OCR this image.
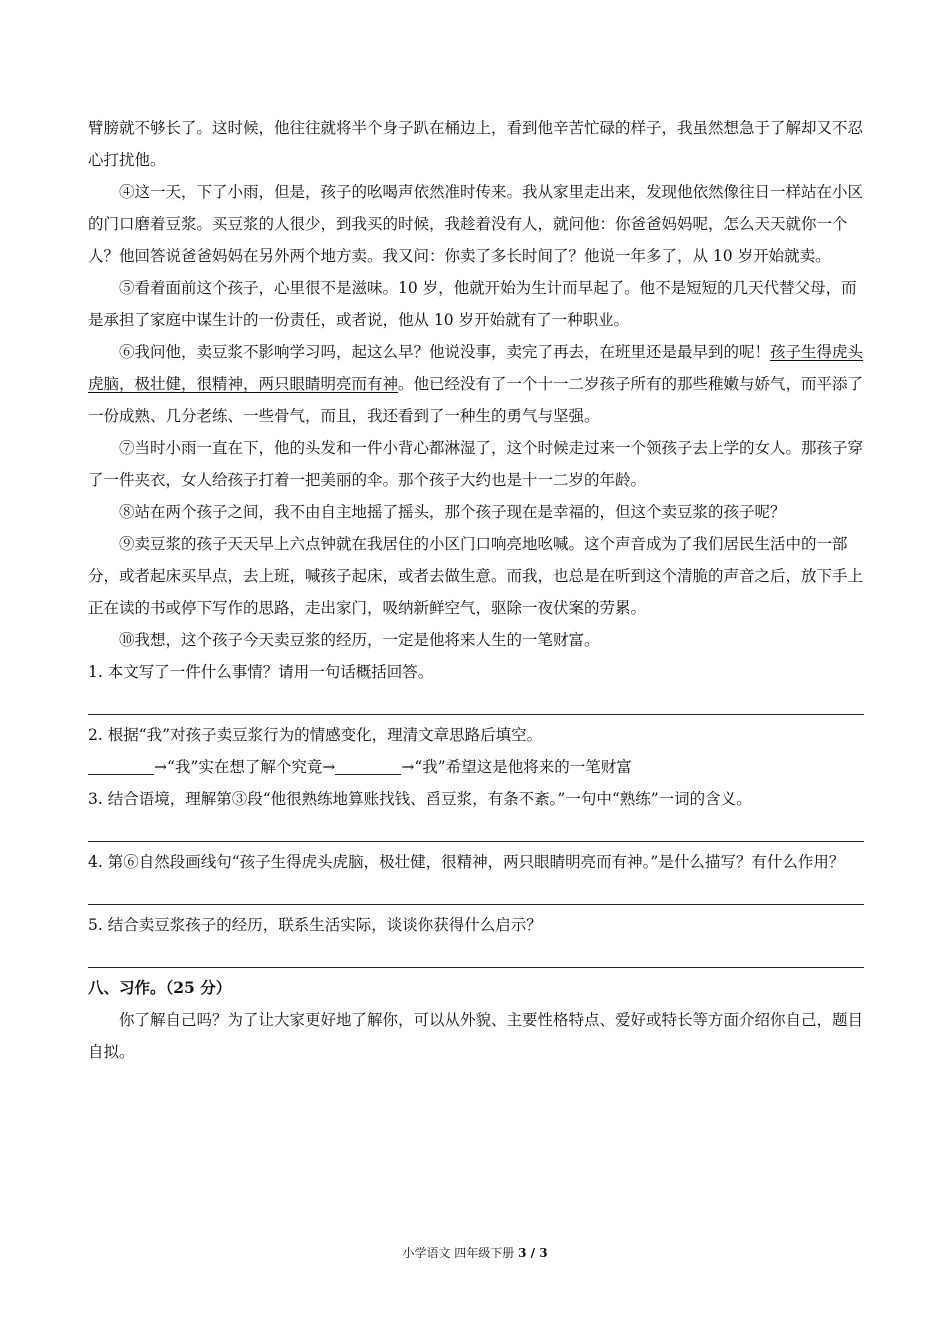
臂膀就不够长了。这时候，他往往就将半个身子趴在桶边上，看到他辛苦忙碌的样子，我虽然想急于了解却又不忍心打扰他。

④这一天，下了小雨，但是，孩子的吆喝声依然准时传来。我从家里走出来，发现他依然像往日一样站在小区的门口磨着豆浆。买豆浆的人很少，到我买的时候，我趁着没有人，就问他：你爸爸妈妈呢，怎么天天就你一个人？他回答说爸爸妈妈在另外两个地方卖。我又问：你卖了多长时间了？他说一年多了，从 10 岁开始就卖。

⑤看着面前这个孩子，心里很不是滋味。10 岁，他就开始为生计而早起了。他不是短短的几天代替父母，而是承担了家庭中谋生计的一份责任，或者说，他从 10 岁开始就有了一种职业。

⑥我问他，卖豆浆不影响学习吗，起这么早？他说没事，卖完了再去，在班里还是最早到的呢！孩子生得虎头虎脑，极壮健，很精神，两只眼睛明亮而有神。他已经没有了一个十一二岁孩子所有的那些稚嫩与娇气，而平添了一份成熟、几分老练、一些骨气，而且，我还看到了一种生的勇气与坚强。

⑦当时小雨一直在下，他的头发和一件小背心都淋湿了，这个时候走过来一个领孩子去上学的女人。那孩子穿了一件夹衣，女人给孩子打着一把美丽的伞。那个孩子大约也是十一二岁的年龄。

⑧站在两个孩子之间，我不由自主地摇了摇头，那个孩子现在是幸福的，但这个卖豆浆的孩子呢？

⑨卖豆浆的孩子天天早上六点钟就在我居住的小区门口响亮地吆喊。这个声音成为了我们居民生活中的一部分，或者起床买早点，去上班，喊孩子起床，或者去做生意。而我，也总是在听到这个清脆的声音之后，放下手上正在读的书或停下写作的思路，走出家门，吸纳新鲜空气，驱除一夜伏案的劳累。

⑩我想，这个孩子今天卖豆浆的经历，一定是他将来人生的一笔财富。

1. 本文写了一件什么事情？请用一句话概括回答。

2. 根据“我”对孩子卖豆浆行为的情感变化，理清文章思路后填空。

→“我”实在想了解个究竟→	→“我”希望这是他将来的一笔财富

3. 结合语境，理解第③段“他很熟练地算账找钱、舀豆浆，有条不紊。”一句中“熟练”一词的含义。

4. 第⑥自然段画线句“孩子生得虎头虎脑，极壮健，很精神，两只眼睛明亮而有神。”是什么描写？有什么作用？

5. 结合卖豆浆孩子的经历，联系生活实际，谈谈你获得什么启示？

八、习作。（25 分）

你了解自己吗？为了让大家更好地了解你，可以从外貌、主要性格特点、爱好或特长等方面介绍你自己，题目自拟。

小学语文 四年级下册 3 / 3
